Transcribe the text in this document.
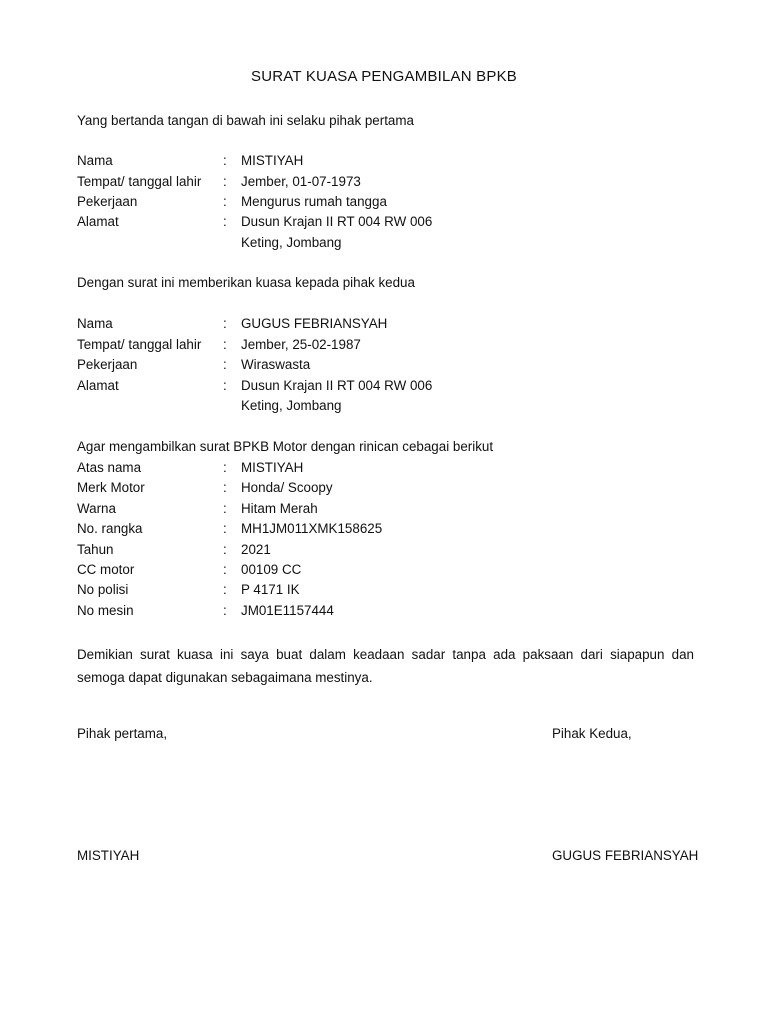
SURAT KUASA PENGAMBILAN BPKB
Yang bertanda tangan di bawah ini selaku pihak pertama
Nama	: MISTIYAH
Tempat/ tanggal lahir : Jember, 01-07-1973
Pekerjaan	: Mengurus rumah tangga
Alamat	: Dusun Krajan II RT 004 RW 006
Keting, Jombang
Dengan surat ini memberikan kuasa kepada pihak kedua
Nama	: GUGUS FEBRIANSYAH
Tempat/ tanggal lahir : Jember, 25-02-1987
Pekerjaan	: Wiraswasta
Alamat	: Dusun Krajan II RT 004 RW 006
Keting, Jombang
Agar mengambilkan surat BPKB Motor dengan rinican cebagai berikut
Atas nama	: MISTIYAH
Merk Motor	: Honda/ Scoopy
Warna	: Hitam Merah
No. rangka	: MH1JM011XMK158625
Tahun	: 2021
CC motor	: 00109 CC
No polisi	: P 4171 IK
No mesin	: JM01E1157444
Demikian surat kuasa ini saya buat dalam keadaan sadar tanpa ada paksaan dari siapapun dan semoga dapat digunakan sebagaimana mestinya.
Pihak pertama,	Pihak Kedua,
MISTIYAH	GUGUS FEBRIANSYAH
